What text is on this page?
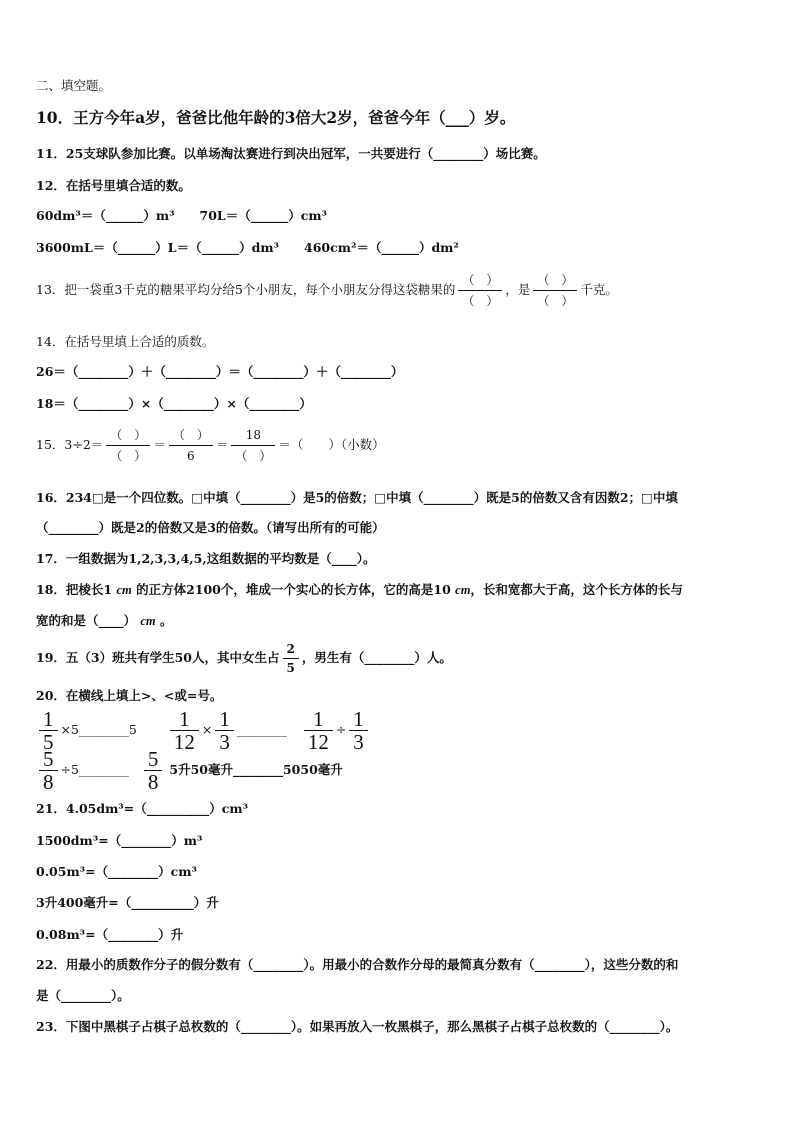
二、填空题。
10．王方今年a岁，爸爸比他年龄的3倍大2岁，爸爸今年（___）岁。
11．25支球队参加比赛。以单场淘汰赛进行到决出冠军，一共要进行（________）场比赛。
12．在括号里填合适的数。
60dm³＝（______）m³　　70L＝（______）cm³
3600mL＝（______）L＝（______）dm³　　460cm²＝（______）dm²
13．把一袋重3千克的糖果平均分给5个小朋友，每个小朋友分得这袋糖果的
（　）
（　）
，是
（　）
（　）
千克。
14．在括号里填上合适的质数。
26＝（________）＋（________）＝（________）＋（________）
18＝（________）×（________）×（________）
15．3÷2＝
（　）
（　）
＝
（　）
6
＝
18
（　）
＝（　　）（小数）
16．234□是一个四位数。□中填（________）是5的倍数；□中填（________）既是5的倍数又含有因数2；□中填
（________）既是2的倍数又是3的倍数。（请写出所有的可能）
17．一组数据为1,2,3,3,4,5,这组数据的平均数是（____）。
18．把棱长1 cm 的正方体2100个，堆成一个实心的长方体，它的高是10 cm，长和宽都大于高，这个长方体的长与
宽的和是（____） cm 。
19．五（3）班共有学生50人，其中女生占 $\frac{2}{5}$ ，男生有（________）人。
20．在横线上填上>、<或=号。
$\frac{1}{5}$ ×5________5 $\frac{1}{12} \times \frac{1}{3}$ ________ $\frac{1}{12} \div \frac{1}{3}$
$\frac{5}{8}$ ÷5________ $\frac{5}{8} 5$升50毫升________5050毫升
21．4.05dm³=（__________）cm³
1500dm³=（________）m³
0.05m³=（________）cm³
3升400毫升=（__________）升
0.08m³=（________）升
22．用最小的质数作分子的假分数有（________）。用最小的合数作分母的最简真分数有（________），这些分数的和
是（________）。
23．下图中黑棋子占棋子总枚数的（________）。如果再放入一枚黑棋子，那么黑棋子占棋子总枚数的（________）。
